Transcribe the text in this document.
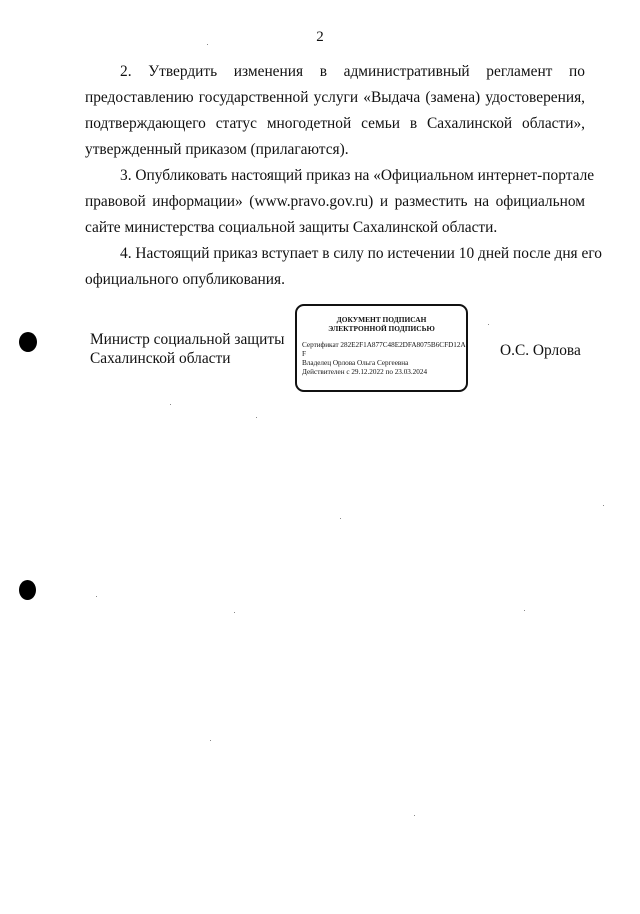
2
2. Утвердить изменения в административный регламент по
предоставлению государственной услуги «Выдача (замена) удостоверения,
подтверждающего статус многодетной семьи в Сахалинской области»,
утвержденный приказом (прилагаются).
3. Опубликовать настоящий приказ на «Официальном интернет-портале
правовой информации» (www.pravo.gov.ru) и разместить на официальном
сайте министерства социальной защиты Сахалинской области.
4. Настоящий приказ вступает в силу по истечении 10 дней после дня его
официального опубликования.
Министр социальной защиты
Сахалинской области
ДОКУМЕНТ ПОДПИСАН
ЭЛЕКТРОННОЙ ПОДПИСЬЮ
Сертификат 282E2F1A877C48E2DFA8075B6CFD12A
F
Владелец Орлова Ольга Сергеевна
Действителен с 29.12.2022 по 23.03.2024
О.С. Орлова
